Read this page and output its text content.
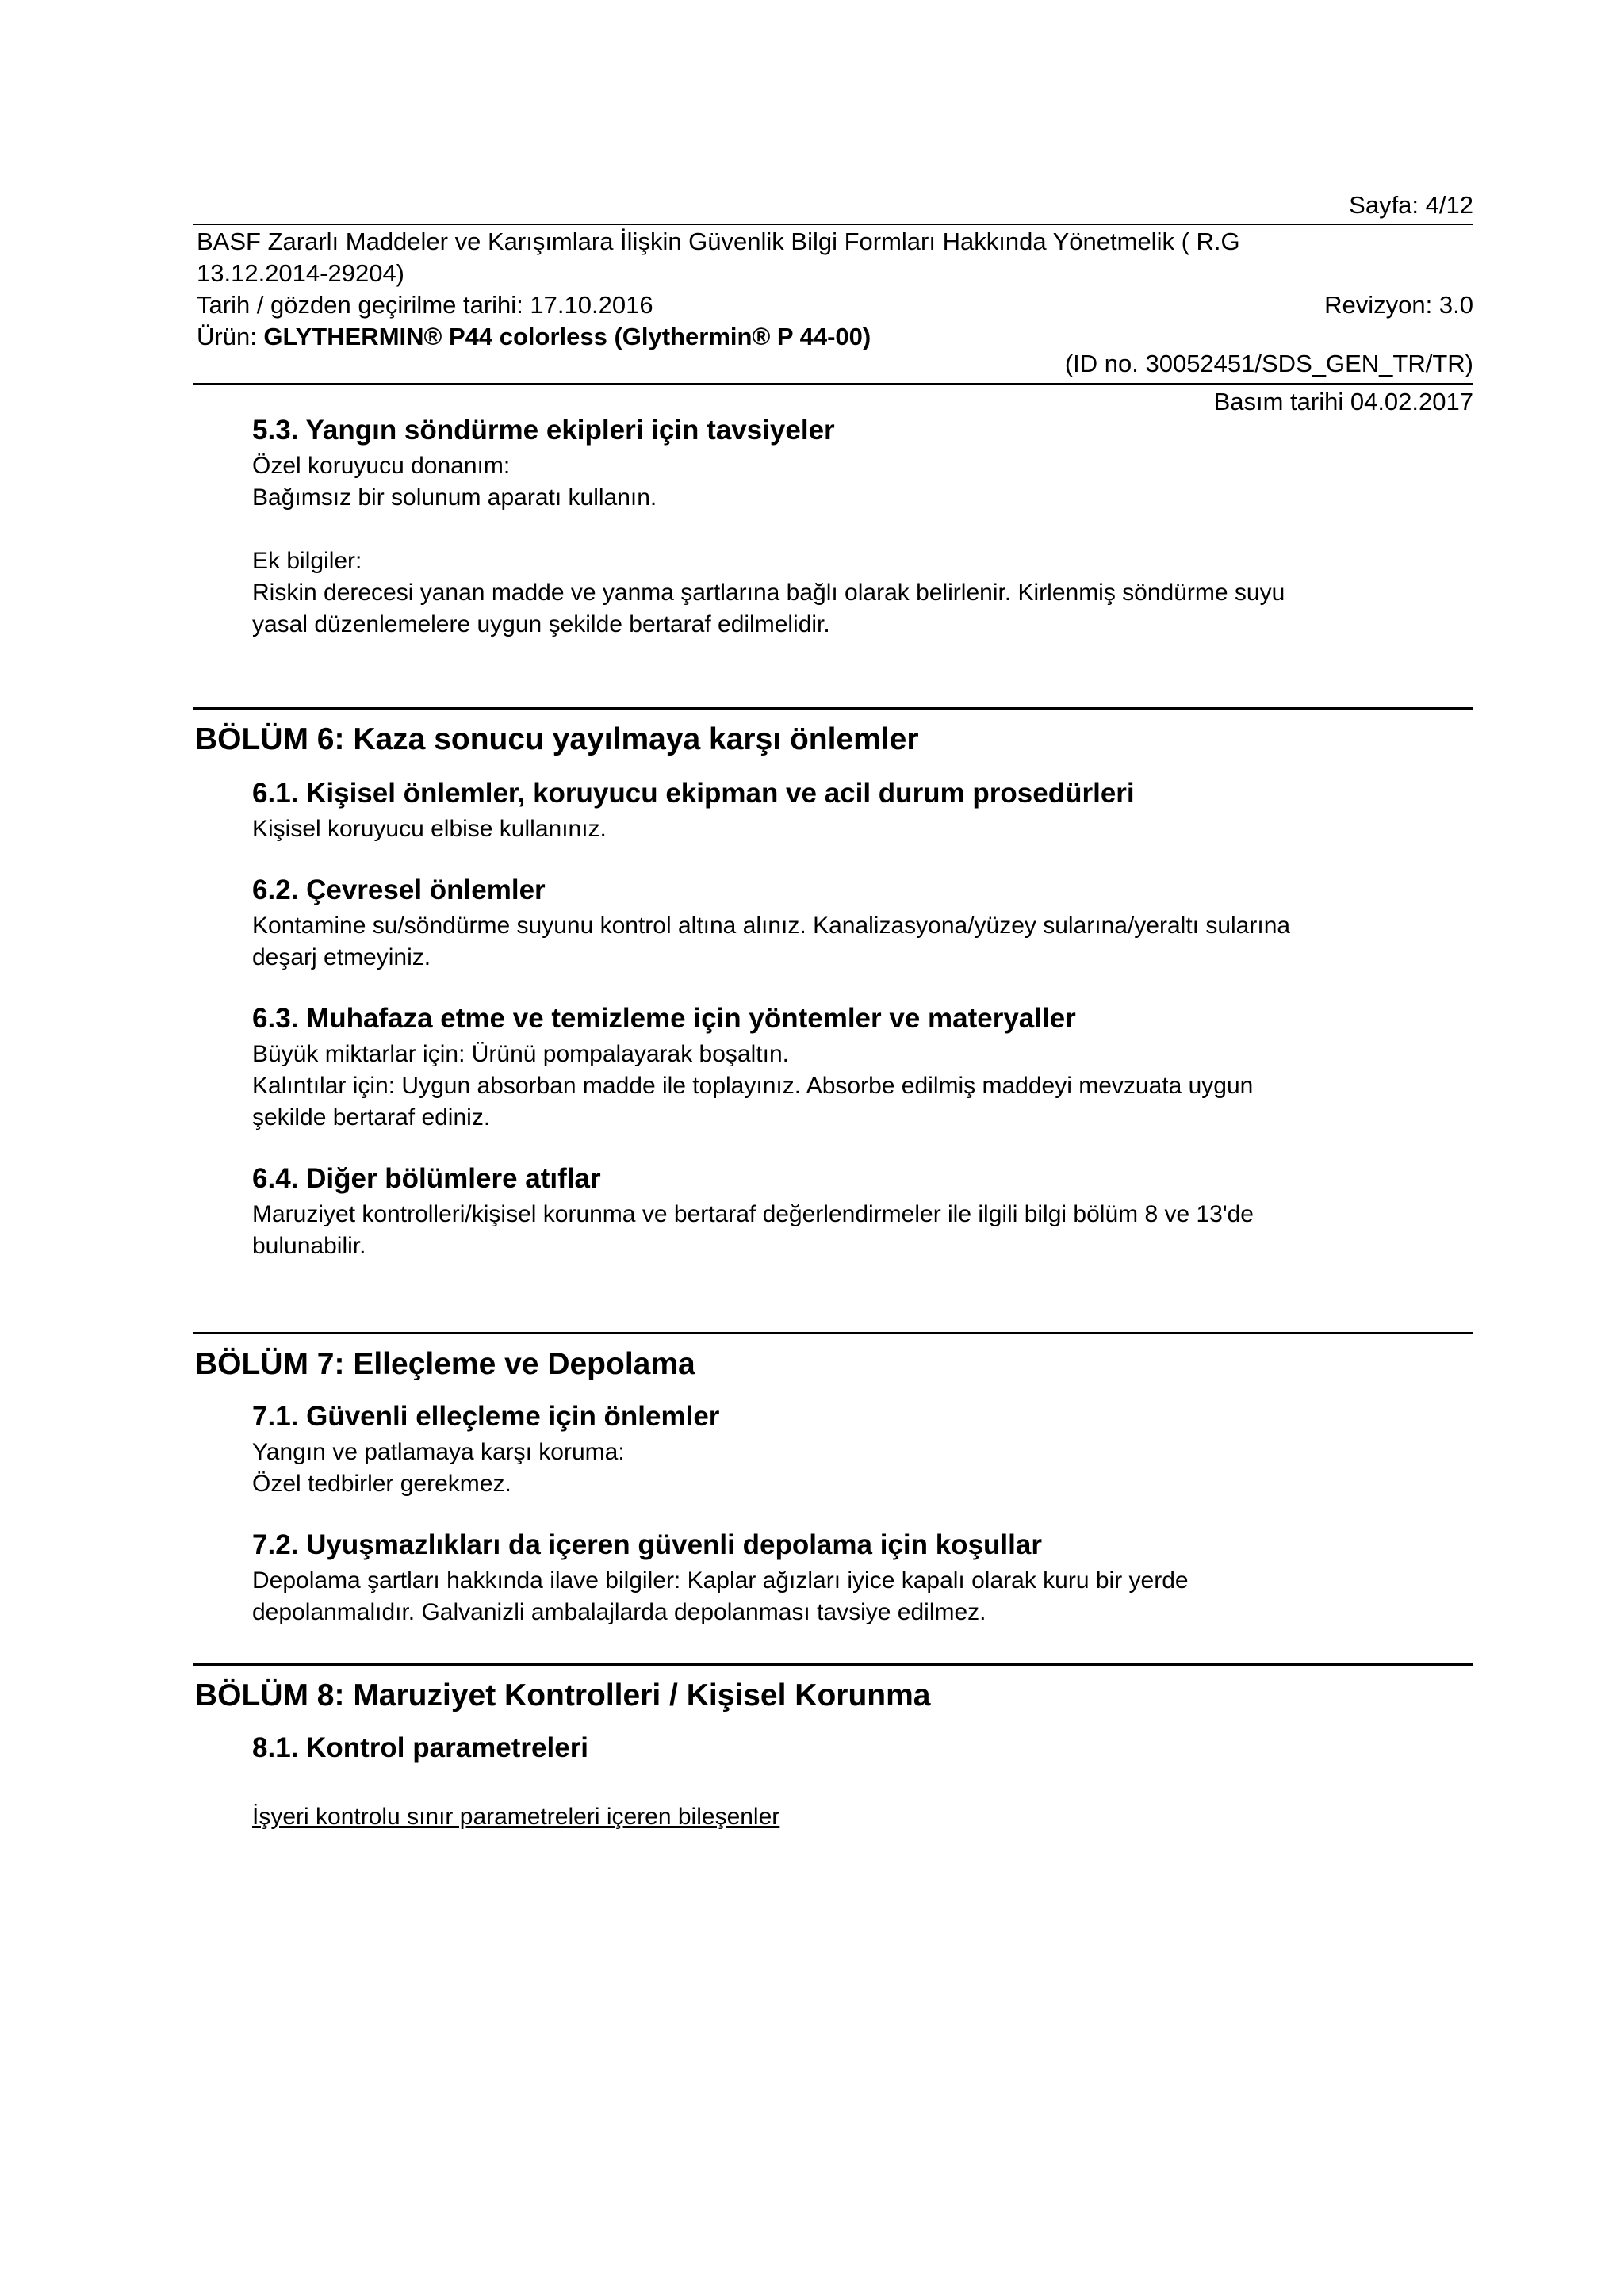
Sayfa: 4/12
BASF Zararlı Maddeler ve Karışımlara İlişkin Güvenlik Bilgi Formları Hakkında Yönetmelik ( R.G
13.12.2014-29204)
Tarih / gözden geçirilme tarihi: 17.10.2016	Revizyon: 3.0
Ürün: GLYTHERMIN® P44 colorless (Glythermin® P 44-00)
(ID no. 30052451/SDS_GEN_TR/TR)
Basım tarihi 04.02.2017
5.3. Yangın söndürme ekipleri için tavsiyeler
Özel koruyucu donanım:
Bağımsız bir solunum aparatı kullanın.
Ek bilgiler:
Riskin derecesi yanan madde ve yanma şartlarına bağlı olarak belirlenir. Kirlenmiş söndürme suyu
yasal düzenlemelere uygun şekilde bertaraf edilmelidir.
BÖLÜM 6: Kaza sonucu yayılmaya karşı önlemler
6.1. Kişisel önlemler, koruyucu ekipman ve acil durum prosedürleri
Kişisel koruyucu elbise kullanınız.
6.2. Çevresel önlemler
Kontamine su/söndürme suyunu kontrol altına alınız. Kanalizasyona/yüzey sularına/yeraltı sularına
deşarj etmeyiniz.
6.3. Muhafaza etme ve temizleme için yöntemler ve materyaller
Büyük miktarlar için: Ürünü pompalayarak boşaltın.
Kalıntılar için: Uygun absorban madde ile toplayınız. Absorbe edilmiş maddeyi mevzuata uygun
şekilde bertaraf ediniz.
6.4. Diğer bölümlere atıflar
Maruziyet kontrolleri/kişisel korunma ve bertaraf değerlendirmeler ile ilgili bilgi bölüm 8 ve 13'de
bulunabilir.
BÖLÜM 7: Elleçleme ve Depolama
7.1. Güvenli elleçleme için önlemler
Yangın ve patlamaya karşı koruma:
Özel tedbirler gerekmez.
7.2. Uyuşmazlıkları da içeren güvenli depolama için koşullar
Depolama şartları hakkında ilave bilgiler: Kaplar ağızları iyice kapalı olarak kuru bir yerde
depolanmalıdır. Galvanizli ambalajlarda depolanması tavsiye edilmez.
BÖLÜM 8: Maruziyet Kontrolleri / Kişisel Korunma
8.1. Kontrol parametreleri
İşyeri kontrolu sınır parametreleri içeren bileşenler
